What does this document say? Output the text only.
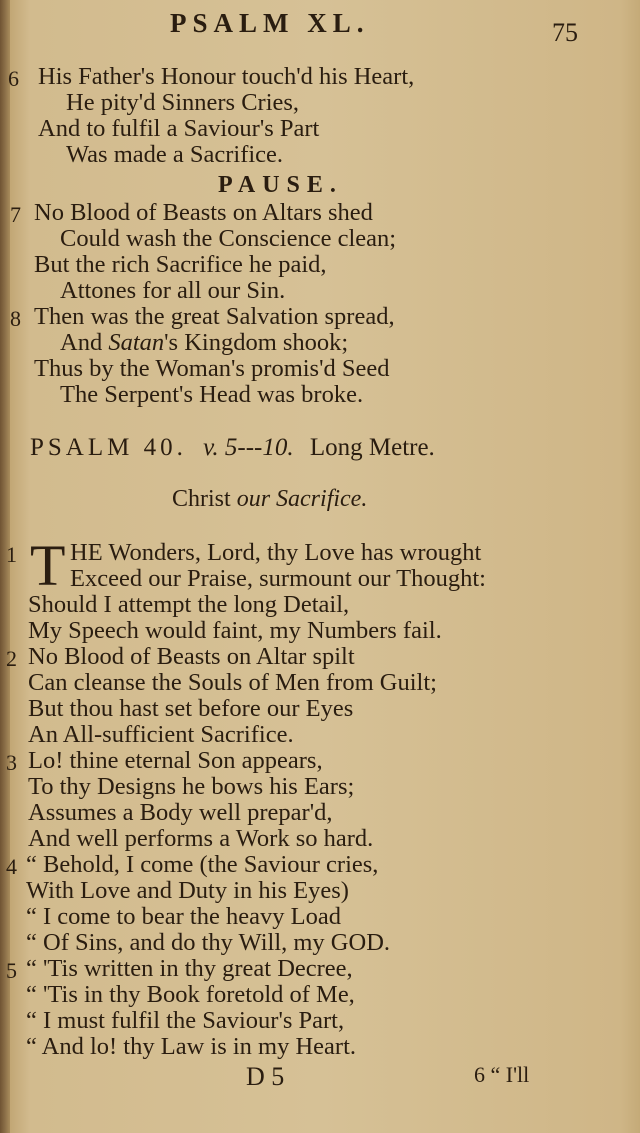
PSALM XL.	75
6 His Father's Honour touch'd his Heart,
He pity'd Sinners Cries,
And to fulfil a Saviour's Part
Was made a Sacrifice.
PAUSE.
7 No Blood of Beasts on Altars shed
Could wash the Conscience clean;
But the rich Sacrifice he paid,
Attones for all our Sin.
8 Then was the great Salvation spread,
And Satan's Kingdom shook;
Thus by the Woman's promis'd Seed
The Serpent's Head was broke.
PSALM 40. v. 5---10. Long Metre.
Christ our Sacrifice.
1 T HE Wonders, Lord, thy Love has wrought
Exceed our Praise, surmount our Thought:
Should I attempt the long Detail,
My Speech would faint, my Numbers fail.
2 No Blood of Beasts on Altar spilt
Can cleanse the Souls of Men from Guilt;
But thou hast set before our Eyes
An All-sufficient Sacrifice.
3 Lo! thine eternal Son appears,
To thy Designs he bows his Ears;
Assumes a Body well prepar'd,
And well performs a Work so hard.
4 “ Behold, I come (the Saviour cries,
With Love and Duty in his Eyes)
“ I come to bear the heavy Load
“ Of Sins, and do thy Will, my GOD.
5 “ 'Tis written in thy great Decree,
“ 'Tis in thy Book foretold of Me,
“ I must fulfil the Saviour's Part,
“ And lo! thy Law is in my Heart.
D 5	6 “ I'll
